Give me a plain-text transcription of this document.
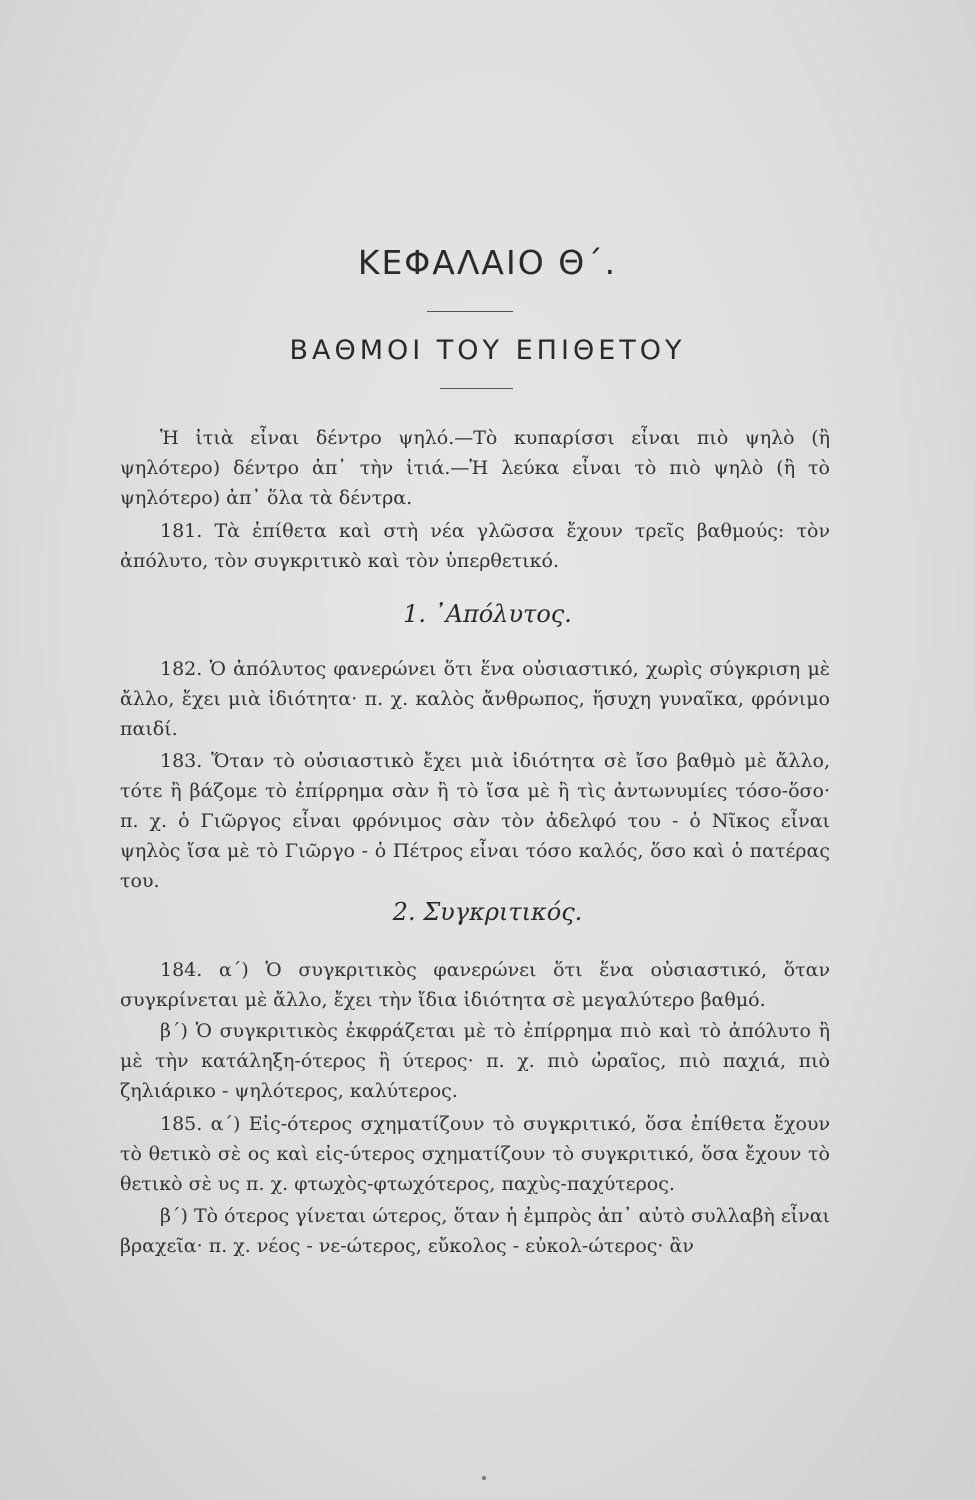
ΚΕΦΑΛΑΙΟ Θ΄.
ΒΑΘΜΟΙ ΤΟΥ ΕΠΙΘΕΤΟΥ

Ἡ ἰτιὰ εἶναι δέντρο ψηλό.—Τὸ κυπαρίσσι εἶναι πιὸ ψηλὸ (ἢ ψηλότερο) δέντρο ἀπ᾽ τὴν ἰτιά.—Ἡ λεύκα εἶναι τὸ πιὸ ψηλὸ (ἢ τὸ ψηλότερο) ἀπ᾽ ὅλα τὰ δέντρα.

181. Τὰ ἐπίθετα καὶ στὴ νέα γλῶσσα ἔχουν τρεῖς βαθμούς: τὸν ἀπόλυτο, τὸν συγκριτικὸ καὶ τὸν ὑπερθετικό.

1. ᾽Απόλυτος.

182. Ὁ ἀπόλυτος φανερώνει ὅτι ἕνα οὐσιαστικό, χωρὶς σύγκριση μὲ ἄλλο, ἔχει μιὰ ἰδιότητα· π. χ. καλὸς ἄνθρωπος, ἥσυχη γυναῖκα, φρόνιμο παιδί.

183. Ὅταν τὸ οὐσιαστικὸ ἔχει μιὰ ἰδιότητα σὲ ἴσο βαθμὸ μὲ ἄλλο, τότε ἢ βάζομε τὸ ἐπίρρημα σὰν ἢ τὸ ἴσα μὲ ἢ τὶς ἀντωνυμίες τόσο-ὅσο· π. χ. ὁ Γιῶργος εἶναι φρόνιμος σὰν τὸν ἀδελφό του - ὁ Νῖκος εἶναι ψηλὸς ἴσα μὲ τὸ Γιῶργο - ὁ Πέτρος εἶναι τόσο καλός, ὅσο καὶ ὁ πατέρας του.

2. Συγκριτικός.

184. α΄) Ὁ συγκριτικὸς φανερώνει ὅτι ἕνα οὐσιαστικό, ὅταν συγκρίνεται μὲ ἄλλο, ἔχει τὴν ἴδια ἰδιότητα σὲ μεγαλύτερο βαθμό.

β΄) Ὁ συγκριτικὸς ἐκφράζεται μὲ τὸ ἐπίρρημα πιὸ καὶ τὸ ἀπόλυτο ἢ μὲ τὴν κατάληξη-ότερος ἢ ύτερος· π. χ. πιὸ ὡραῖος, πιὸ παχιά, πιὸ ζηλιάρικο - ψηλότερος, καλύτερος.

185. α΄) Εἰς-ότερος σχηματίζουν τὸ συγκριτικό, ὅσα ἐπίθετα ἔχουν τὸ θετικὸ σὲ ος καὶ εἰς-ύτερος σχηματίζουν τὸ συγκριτικό, ὅσα ἔχουν τὸ θετικὸ σὲ υς π. χ. φτωχὸς-φτωχότερος, παχὺς-παχύτερος.

β΄) Τὸ ότερος γίνεται ώτερος, ὅταν ἡ ἐμπρὸς ἀπ᾽ αὐτὸ συλλαβὴ εἶναι βραχεῖα· π. χ. νέος - νε-ώτερος, εὔκολος - εὐκολ-ώτερος· ἂν
